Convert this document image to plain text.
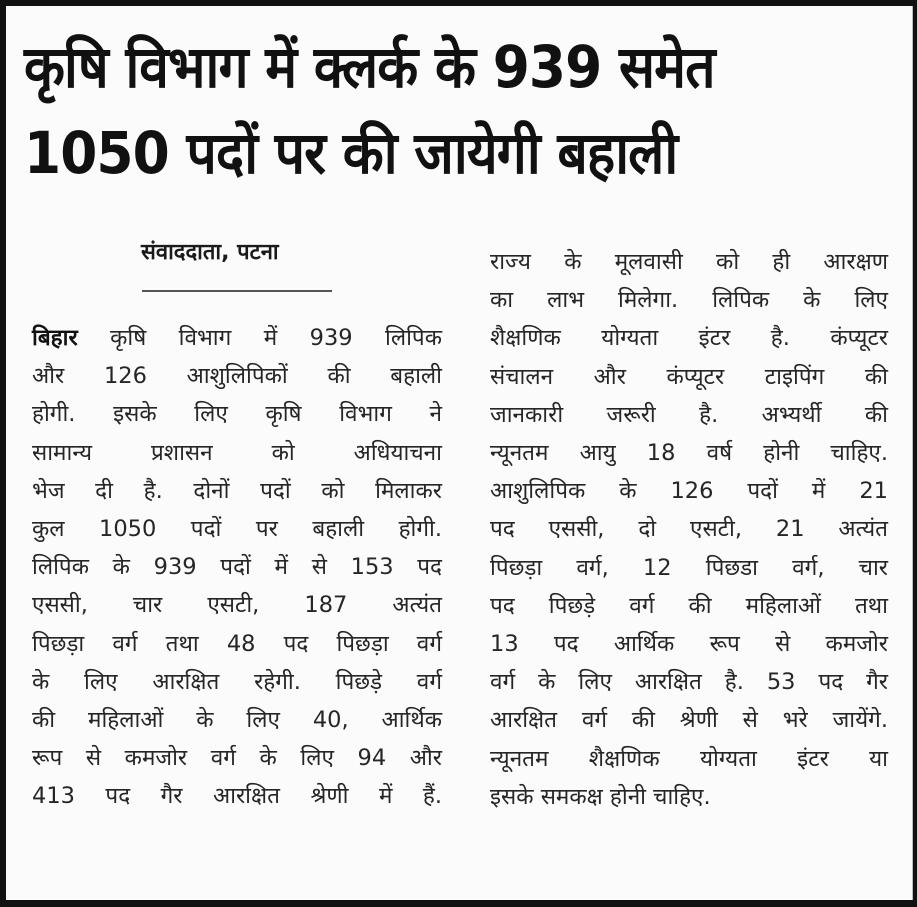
कृषि विभाग में क्लर्क के 939 समेत
1050 पदों पर की जायेगी बहाली
संवाददाता, पटना
बिहार कृषि विभाग में 939 लिपिक
और 126 आशुलिपिकों की बहाली
होगी. इसके लिए कृषि विभाग ने
सामान्य प्रशासन को अधियाचना
भेज दी है. दोनों पदों को मिलाकर
कुल 1050 पदों पर बहाली होगी.
लिपिक के 939 पदों में से 153 पद
एससी, चार एसटी, 187 अत्यंत
पिछड़ा वर्ग तथा 48 पद पिछड़ा वर्ग
के लिए आरक्षित रहेगी. पिछड़े वर्ग
की महिलाओं के लिए 40, आर्थिक
रूप से कमजोर वर्ग के लिए 94 और
413 पद गैर आरक्षित श्रेणी में हैं.
राज्य के मूलवासी को ही आरक्षण
का लाभ मिलेगा. लिपिक के लिए
शैक्षणिक योग्यता इंटर है. कंप्यूटर
संचालन और कंप्यूटर टाइपिंग की
जानकारी जरूरी है. अभ्यर्थी की
न्यूनतम आयु 18 वर्ष होनी चाहिए.
आशुलिपिक के 126 पदों में 21
पद एससी, दो एसटी, 21 अत्यंत
पिछड़ा वर्ग, 12 पिछडा वर्ग, चार
पद पिछड़े वर्ग की महिलाओं तथा
13 पद आर्थिक रूप से कमजोर
वर्ग के लिए आरक्षित है. 53 पद गैर
आरक्षित वर्ग की श्रेणी से भरे जायेंगे.
न्यूनतम शैक्षणिक योग्यता इंटर या
इसके समकक्ष होनी चाहिए.
